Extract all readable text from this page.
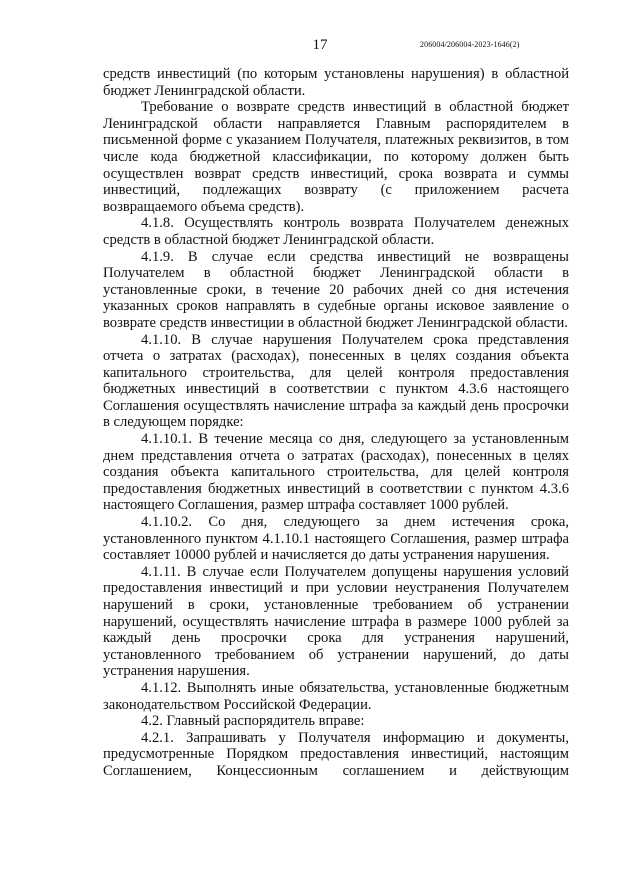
17	206004/206004-2023-1646(2)

средств инвестиций (по которым установлены нарушения) в областной бюджет Ленинградской области.

Требование о возврате средств инвестиций в областной бюджет Ленинградской области направляется Главным распорядителем в письменной форме с указанием Получателя, платежных реквизитов, в том числе кода бюджетной классификации, по которому должен быть осуществлен возврат средств инвестиций, срока возврата и суммы инвестиций, подлежащих возврату (с приложением расчета возвращаемого объема средств).

4.1.8. Осуществлять контроль возврата Получателем денежных средств в областной бюджет Ленинградской области.

4.1.9. В случае если средства инвестиций не возвращены Получателем в областной бюджет Ленинградской области в установленные сроки, в течение 20 рабочих дней со дня истечения указанных сроков направлять в судебные органы исковое заявление о возврате средств инвестиции в областной бюджет Ленинградской области.

4.1.10. В случае нарушения Получателем срока представления отчета о затратах (расходах), понесенных в целях создания объекта капитального строительства, для целей контроля предоставления бюджетных инвестиций в соответствии с пунктом 4.3.6 настоящего Соглашения осуществлять начисление штрафа за каждый день просрочки в следующем порядке:

4.1.10.1. В течение месяца со дня, следующего за установленным днем представления отчета о затратах (расходах), понесенных в целях создания объекта капитального строительства, для целей контроля предоставления бюджетных инвестиций в соответствии с пунктом 4.3.6 настоящего Соглашения, размер штрафа составляет 1000 рублей.

4.1.10.2. Со дня, следующего за днем истечения срока, установленного пунктом 4.1.10.1 настоящего Соглашения, размер штрафа составляет 10000 рублей и начисляется до даты устранения нарушения.

4.1.11. В случае если Получателем допущены нарушения условий предоставления инвестиций и при условии неустранения Получателем нарушений в сроки, установленные требованием об устранении нарушений, осуществлять начисление штрафа в размере 1000 рублей за каждый день просрочки срока для устранения нарушений, установленного требованием об устранении нарушений, до даты устранения нарушения.

4.1.12. Выполнять иные обязательства, установленные бюджетным законодательством Российской Федерации.

4.2. Главный распорядитель вправе:

4.2.1. Запрашивать у Получателя информацию и документы, предусмотренные Порядком предоставления инвестиций, настоящим Соглашением, Концессионным соглашением и действующим
